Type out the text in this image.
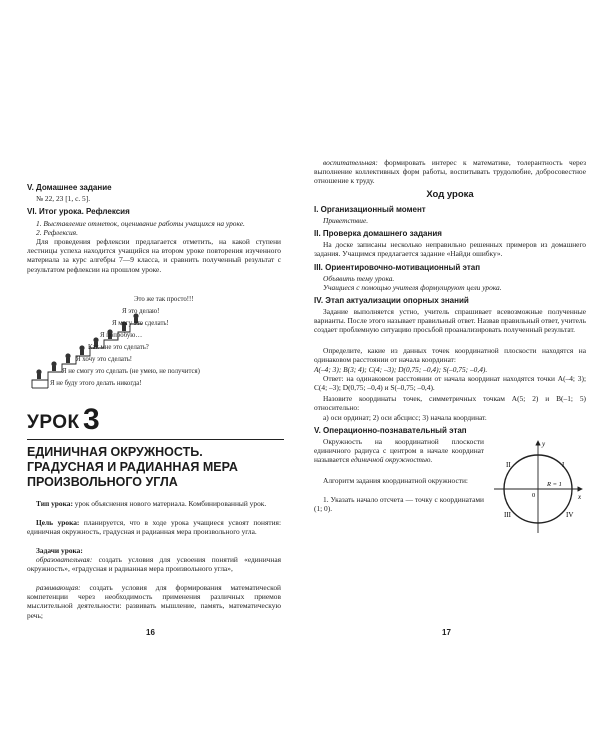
V. Домашнее задание
№ 22, 23 [1, с. 5].
VI. Итог урока. Рефлексия
1. Выставление отметок, оценивание работы учащихся на уроке.
2. Рефлексия.
Для проведения рефлексии предлагается отметить, на какой ступени лестницы успеха находится учащийся на втором уроке повторения изученного материала за курс алгебры 7—9 класса, и сравнить полученный результат с результатом рефлексии на прошлом уроке.
Это же так просто!!!
Я это делаю!
Я могу это сделать!
Я попробую…
Как мне это сделать?
Я хочу это сделать!
Я не смогу это сделать (не умею, не получится)
Я не буду этого делать никогда!
УРОК 3
ЕДИНИЧНАЯ ОКРУЖНОСТЬ. ГРАДУСНАЯ И РАДИАННАЯ МЕРА ПРОИЗВОЛЬНОГО УГЛА
Тип урока: урок объяснения нового материала. Комбинированный урок.
Цель урока: планируется, что в ходе урока учащиеся усвоят понятия: единичная окружность, градусная и радианная мера произвольного угла.
Задачи урока:
образовательная: создать условия для усвоения понятий «единичная окружность», «градусная и радианная мера произвольного угла»,
развивающая: создать условия для формирования математической компетенции через необходимость применения различных приемов мыслительной деятельности: развивать мышление, память, математическую речь;
16
воспитательная: формировать интерес к математике, толерантность через выполнение коллективных форм работы, воспитывать трудолюбие, добросовестное отношение к труду.
Ход урока
I. Организационный момент
Приветствие.
II. Проверка домашнего задания
На доске записаны несколько неправильно решенных примеров из домашнего задания. Учащимся предлагается задание «Найди ошибку».
III. Ориентировочно-мотивационный этап
Объявить тему урока.
Учащиеся с помощью учителя формулируют цели урока.
IV. Этап актуализации опорных знаний
Задание выполняется устно, учитель спрашивает всевозможные полученные варианты. После этого называет правильный ответ. Назвав правильный ответ, учитель создает проблемную ситуацию просьбой проанализировать полученный результат.
Определите, какие из данных точек координатной плоскости находятся на одинаковом расстоянии от начала координат:
A(–4; 3); B(3; 4); C(4; –3); D(0,75; –0,4); S(–0,75; –0,4).
Ответ: на одинаковом расстоянии от начала координат находятся точки A(–4; 3); C(4; –3); D(0,75; –0,4) и S(–0,75; –0,4).
Назовите координаты точек, симметричных точкам A(5; 2) и B(–1; 5) относительно:
а) оси ординат; 2) оси абсцисс; 3) начала координат.
V. Операционно-познавательный этап
Окружность на координатной плоскости единичного радиуса с центром в начале координат называется единичной окружностью.
Алгоритм задания координатной окружности:
1. Указать начало отсчета — точку с координатами (1; 0).
y
x
I
II
III	IV
R = 1
0
17
